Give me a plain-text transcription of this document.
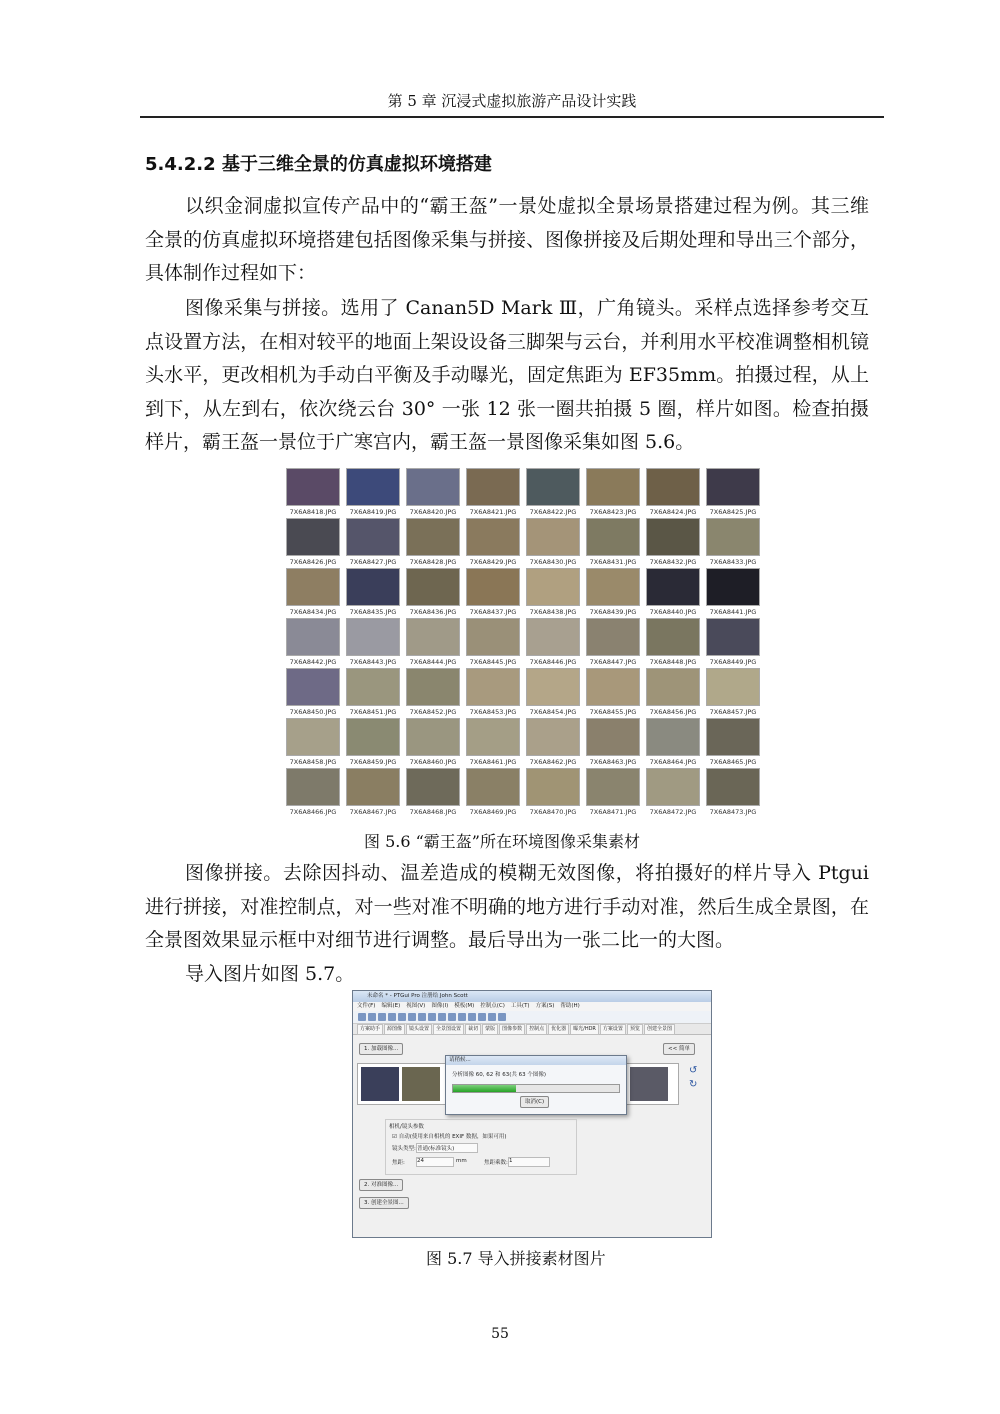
第 5 章 沉浸式虚拟旅游产品设计实践
5.4.2.2 基于三维全景的仿真虚拟环境搭建

以织金洞虚拟宣传产品中的“霸王盔”一景处虚拟全景场景搭建过程为例。其三维全景的仿真虚拟环境搭建包括图像采集与拼接、图像拼接及后期处理和导出三个部分，具体制作过程如下：

图像采集与拼接。选用了 Canan5D Mark Ⅲ，广角镜头。采样点选择参考交互点设置方法，在相对较平的地面上架设设备三脚架与云台，并利用水平校准调整相机镜头水平，更改相机为手动白平衡及手动曝光，固定焦距为 EF35mm。拍摄过程，从上到下，从左到右，依次绕云台 30° 一张 12 张一圈共拍摄 5 圈，样片如图。检查拍摄样片，霸王盔一景位于广寒宫内，霸王盔一景图像采集如图 5.6。

7X6A8418.JPG	7X6A8419.JPG	7X6A8420.JPG	7X6A8421.JPG	7X6A8422.JPG	7X6A8423.JPG	7X6A8424.JPG	7X6A8425.JPG
7X6A8426.JPG	7X6A8427.JPG	7X6A8428.JPG	7X6A8429.JPG	7X6A8430.JPG	7X6A8431.JPG	7X6A8432.JPG	7X6A8433.JPG
7X6A8434.JPG	7X6A8435.JPG	7X6A8436.JPG	7X6A8437.JPG	7X6A8438.JPG	7X6A8439.JPG	7X6A8440.JPG	7X6A8441.JPG
7X6A8442.JPG	7X6A8443.JPG	7X6A8444.JPG	7X6A8445.JPG	7X6A8446.JPG	7X6A8447.JPG	7X6A8448.JPG	7X6A8449.JPG
7X6A8450.JPG	7X6A8451.JPG	7X6A8452.JPG	7X6A8453.JPG	7X6A8454.JPG	7X6A8455.JPG	7X6A8456.JPG	7X6A8457.JPG
7X6A8458.JPG	7X6A8459.JPG	7X6A8460.JPG	7X6A8461.JPG	7X6A8462.JPG	7X6A8463.JPG	7X6A8464.JPG	7X6A8465.JPG
7X6A8466.JPG	7X6A8467.JPG	7X6A8468.JPG	7X6A8469.JPG	7X6A8470.JPG	7X6A8471.JPG	7X6A8472.JPG	7X6A8473.JPG
图 5.6 “霸王盔”所在环境图像采集素材

图像拼接。去除因抖动、温差造成的模糊无效图像，将拍摄好的样片导入 Ptgui 进行拼接，对准控制点，对一些对准不明确的地方进行手动对准，然后生成全景图，在全景图效果显示框中对细节进行调整。最后导出为一张二比一的大图。

导入图片如图 5.7。

未命名 * - PTGui Pro 注册给 John Scott
文件(F) 编辑(E) 视图(V) 图像(I) 模板(M) 控制点(C) 工具(T) 方案(S) 帮助(H)
方案助手 源图像 镜头设置 全景图设置 裁切 蒙版 图像参数 控制点 优化器 曝光/HDR 方案设置 预览 创建全景图
1. 加载图像...	<< 简单
↺
↻
请稍候...
分析图像 60, 62 和 63(共 63 个图像)
取消(C)
相机/镜头参数
☑ 自动(使用来自相机的 EXIF 数据，如果可用)
镜头类型: 普通(标准镜头)
焦距: 24	mm	焦距乘数: 1
2. 对准图像...
3. 创建全景图...
图 5.7 导入拼接素材图片
55
